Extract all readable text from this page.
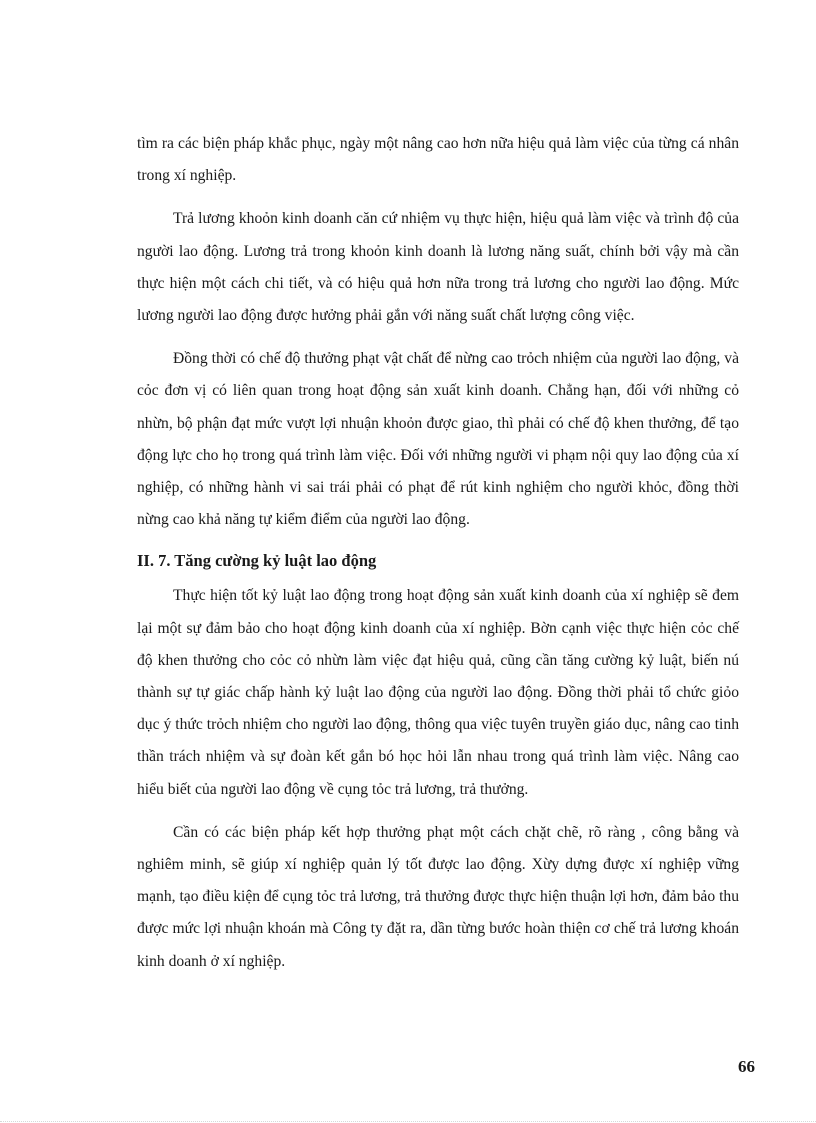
tìm ra các biện pháp khắc phục, ngày một nâng cao hơn nữa hiệu quả làm việc của từng cá nhân trong xí nghiệp.

Trả lương khoỏn kinh doanh căn cứ nhiệm vụ thực hiện, hiệu quả làm việc và trình độ của người lao động. Lương trả trong khoỏn kinh doanh là lương năng suất, chính bởi vậy mà cần thực hiện một cách chi tiết, và có hiệu quả hơn nữa trong trả lương cho người lao động. Mức lương người lao động được hưởng phải gắn với năng suất chất lượng công việc.

Đồng thời có chế độ thưởng phạt vật chất để nừng cao trỏch nhiệm của người lao động, và cỏc đơn vị có liên quan trong hoạt động sản xuất kinh doanh. Chẳng hạn, đối với những cỏ nhừn, bộ phận đạt mức vượt lợi nhuận khoỏn được giao, thì phải có chế độ khen thưởng, để tạo động lực cho họ trong quá trình làm việc. Đối với những người vi phạm nội quy lao động của xí nghiệp, có những hành vi sai trái phải có phạt để rút kinh nghiệm cho người khỏc, đồng thời nừng cao khả năng tự kiểm điểm của người lao động.

II. 7. Tăng cường kỷ luật lao động

Thực hiện tốt kỷ luật lao động trong hoạt động sản xuất kinh doanh của xí nghiệp sẽ đem lại một sự đảm bảo cho hoạt động kinh doanh của xí nghiệp. Bờn cạnh việc thực hiện cỏc chế độ khen thưởng cho cỏc cỏ nhừn làm việc đạt hiệu quả, cũng cần tăng cường kỷ luật, biến nú thành sự tự giác chấp hành kỷ luật lao động của người lao động. Đồng thời phải tổ chức giỏo dục ý thức trỏch nhiệm cho người lao động, thông qua việc tuyên truyền giáo dục, nâng cao tinh thần trách nhiệm và sự đoàn kết gắn bó học hỏi lẫn nhau trong quá trình làm việc. Nâng cao hiểu biết của người lao động về cụng tỏc trả lương, trả thưởng.

Cần có các biện pháp kết hợp thưởng phạt một cách chặt chẽ, rõ ràng , công bằng và nghiêm minh, sẽ giúp xí nghiệp quản lý tốt được lao động. Xừy dựng được xí nghiệp vững mạnh, tạo điều kiện để cụng tỏc trả lương, trả thưởng được thực hiện thuận lợi hơn, đảm bảo thu được mức lợi nhuận khoán mà Công ty đặt ra, dần từng bước hoàn thiện cơ chế trả lương khoán kinh doanh ở xí nghiệp.

66
